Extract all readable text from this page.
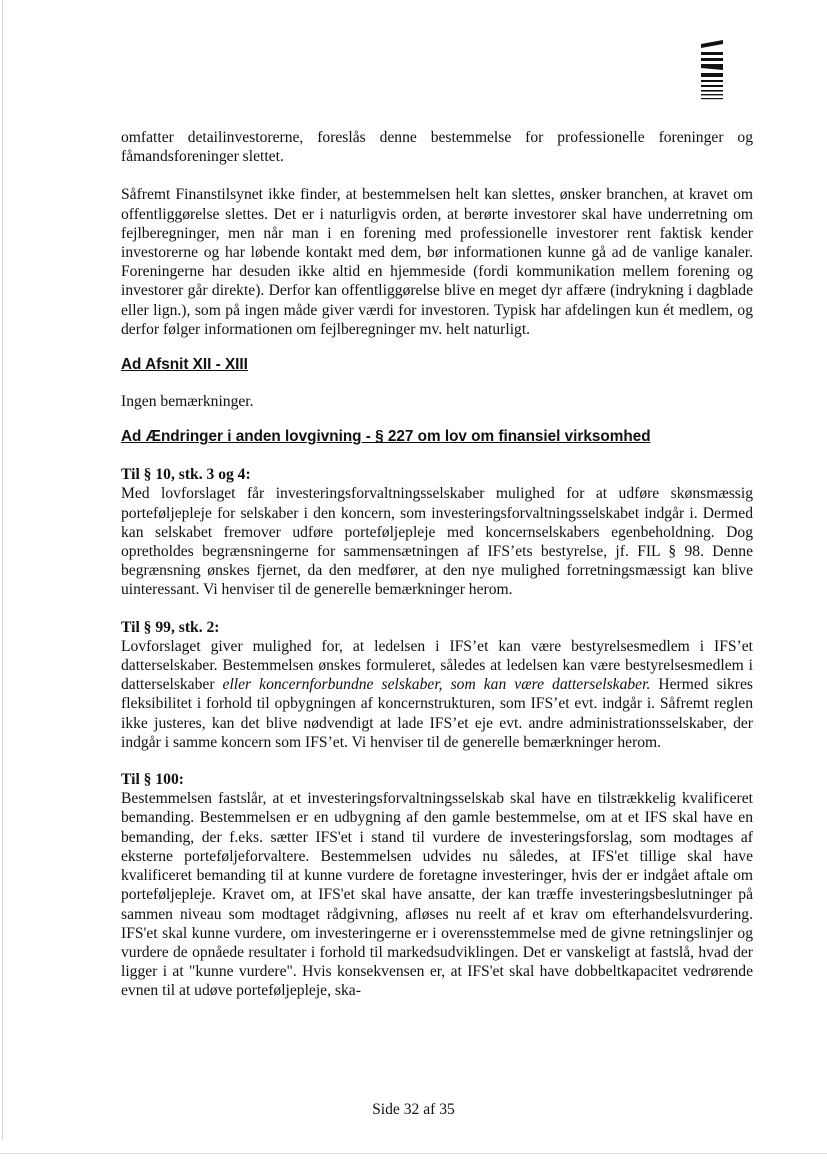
omfatter detailinvestorerne, foreslås denne bestemmelse for professionelle foreninger og fåmandsforeninger slettet.

Såfremt Finanstilsynet ikke finder, at bestemmelsen helt kan slettes, ønsker branchen, at kravet om offentliggørelse slettes. Det er i naturligvis orden, at berørte investorer skal have underretning om fejlberegninger, men når man i en forening med professionelle investorer rent faktisk kender investorerne og har løbende kontakt med dem, bør informationen kunne gå ad de vanlige kanaler. Foreningerne har desuden ikke altid en hjemmeside (fordi kommunikation mellem forening og investorer går direkte). Derfor kan offentliggørelse blive en meget dyr affære (indrykning i dagblade eller lign.), som på ingen måde giver værdi for investoren. Typisk har afdelingen kun ét medlem, og derfor følger informationen om fejlberegninger mv. helt naturligt.

Ad Afsnit XII - XIII

Ingen bemærkninger.

Ad Ændringer i anden lovgivning - § 227 om lov om finansiel virksomhed

Til § 10, stk. 3 og 4:

Med lovforslaget får investeringsforvaltningsselskaber mulighed for at udføre skønsmæssig porteføljepleje for selskaber i den koncern, som investeringsforvaltningsselskabet indgår i. Dermed kan selskabet fremover udføre porteføljepleje med koncernselskabers egenbeholdning. Dog opretholdes begrænsningerne for sammensætningen af IFS’ets bestyrelse, jf. FIL § 98. Denne begrænsning ønskes fjernet, da den medfører, at den nye mulighed forretningsmæssigt kan blive uinteressant. Vi henviser til de generelle bemærkninger herom.

Til § 99, stk. 2:

Lovforslaget giver mulighed for, at ledelsen i IFS’et kan være bestyrelsesmedlem i IFS’et datterselskaber. Bestemmelsen ønskes formuleret, således at ledelsen kan være bestyrelsesmedlem i datterselskaber eller koncernforbundne selskaber, som kan være datterselskaber. Hermed sikres fleksibilitet i forhold til opbygningen af koncernstrukturen, som IFS’et evt. indgår i. Såfremt reglen ikke justeres, kan det blive nødvendigt at lade IFS’et eje evt. andre administrationsselskaber, der indgår i samme koncern som IFS’et. Vi henviser til de generelle bemærkninger herom.

Til § 100:

Bestemmelsen fastslår, at et investeringsforvaltningsselskab skal have en tilstrækkelig kvalificeret bemanding. Bestemmelsen er en udbygning af den gamle bestemmelse, om at et IFS skal have en bemanding, der f.eks. sætter IFS'et i stand til vurdere de investeringsforslag, som modtages af eksterne porteføljeforvaltere. Bestemmelsen udvides nu således, at IFS'et tillige skal have kvalificeret bemanding til at kunne vurdere de foretagne investeringer, hvis der er indgået aftale om porteføljepleje. Kravet om, at IFS'et skal have ansatte, der kan træffe investeringsbeslutninger på sammen niveau som modtaget rådgivning, afløses nu reelt af et krav om efterhandelsvurdering. IFS'et skal kunne vurdere, om investeringerne er i overensstemmelse med de givne retningslinjer og vurdere de opnåede resultater i forhold til markedsudviklingen. Det er vanskeligt at fastslå, hvad der ligger i at "kunne vurdere". Hvis konsekvensen er, at IFS'et skal have dobbeltkapacitet vedrørende evnen til at udøve porteføljepleje, ska-

Side 32 af 35
